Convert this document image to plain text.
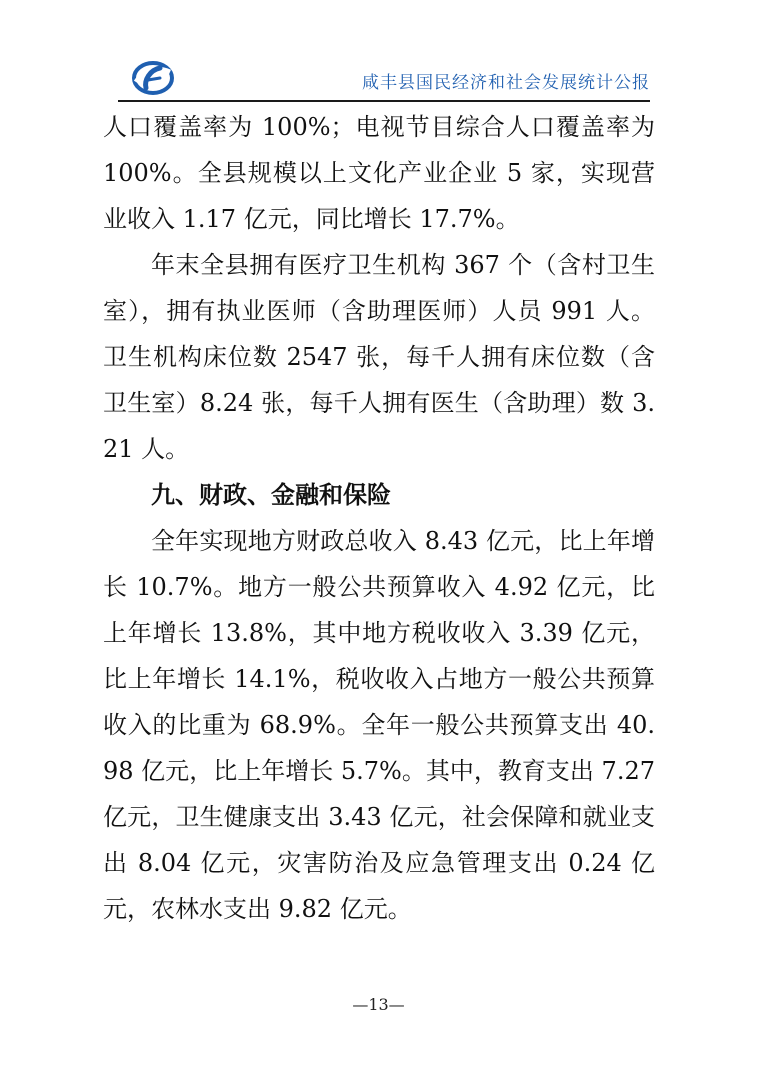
咸丰县国民经济和社会发展统计公报

人口覆盖率为 100%；电视节目综合人口覆盖率为 100%。全县规模以上文化产业企业 5 家，实现营业收入 1.17 亿元，同比增长 17.7%。

年末全县拥有医疗卫生机构 367 个（含村卫生室），拥有执业医师（含助理医师）人员 991 人。卫生机构床位数 2547 张，每千人拥有床位数（含卫生室）8.24 张，每千人拥有医生（含助理）数 3.21 人。

九、财政、金融和保险

全年实现地方财政总收入 8.43 亿元，比上年增长 10.7%。地方一般公共预算收入 4.92 亿元，比上年增长 13.8%，其中地方税收收入 3.39 亿元，比上年增长 14.1%，税收收入占地方一般公共预算收入的比重为 68.9%。全年一般公共预算支出 40.98 亿元，比上年增长 5.7%。其中，教育支出 7.27 亿元，卫生健康支出 3.43 亿元，社会保障和就业支出 8.04 亿元，灾害防治及应急管理支出 0.24 亿元，农林水支出 9.82 亿元。

—13—
